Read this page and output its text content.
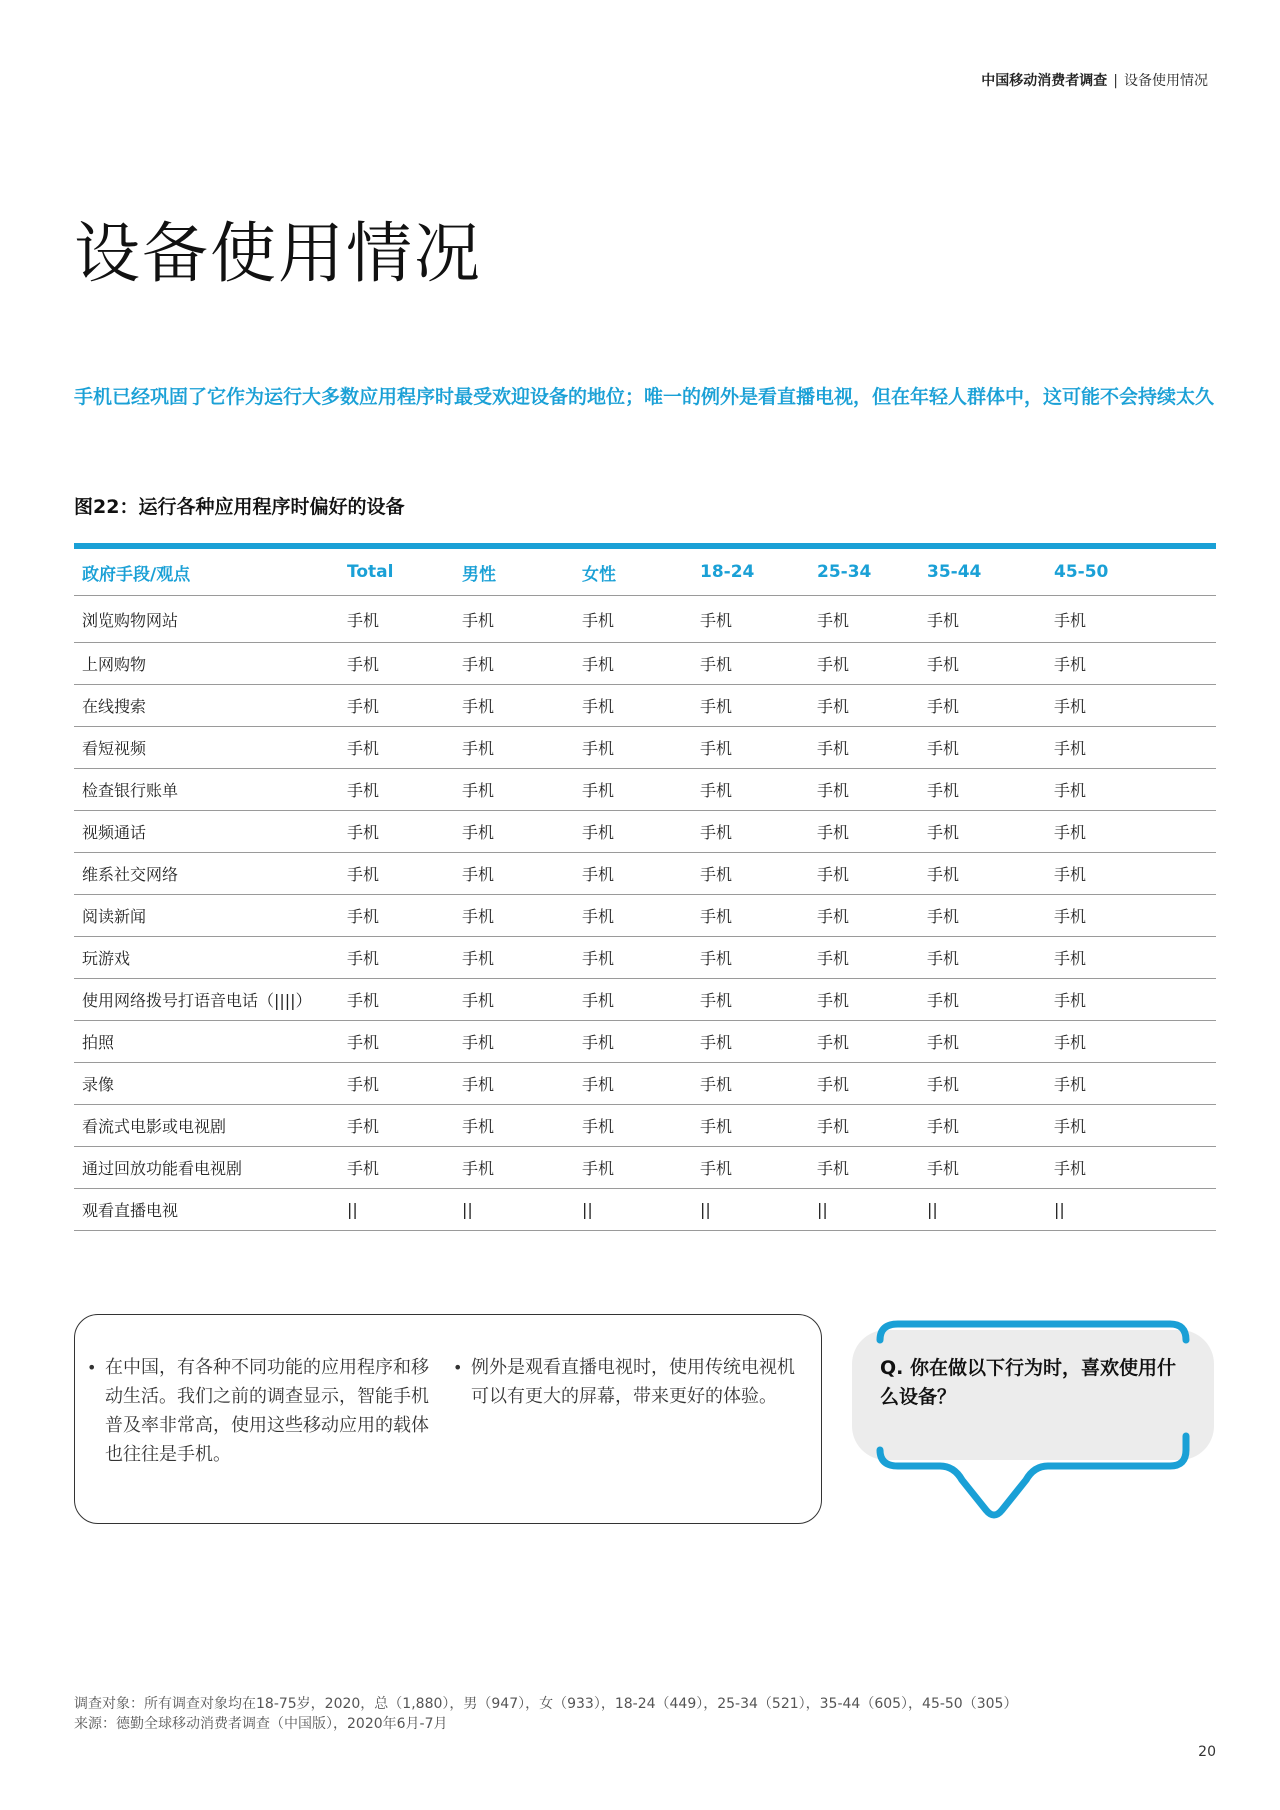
中国移动消费者调查 | 设备使用情况
设备使用情况
手机已经巩固了它作为运行大多数应用程序时最受欢迎设备的地位；唯一的例外是看直播电视，但在年轻人群体中，这可能不会持续太久
图22：运行各种应用程序时偏好的设备
政府手段/观点	Total	男性	女性	18-24	25-34	35-44	45-50
浏览购物网站	手机	手机	手机	手机	手机	手机	手机
上网购物	手机	手机	手机	手机	手机	手机	手机
在线搜索	手机	手机	手机	手机	手机	手机	手机
看短视频	手机	手机	手机	手机	手机	手机	手机
检查银行账单	手机	手机	手机	手机	手机	手机	手机
视频通话	手机	手机	手机	手机	手机	手机	手机
维系社交网络	手机	手机	手机	手机	手机	手机	手机
阅读新闻	手机	手机	手机	手机	手机	手机	手机
玩游戏	手机	手机	手机	手机	手机	手机	手机
使用网络拨号打语音电话（||||）	手机	手机	手机	手机	手机	手机	手机
拍照	手机	手机	手机	手机	手机	手机	手机
录像	手机	手机	手机	手机	手机	手机	手机
看流式电影或电视剧	手机	手机	手机	手机	手机	手机	手机
通过回放功能看电视剧	手机	手机	手机	手机	手机	手机	手机
观看直播电视	||	||	||	||	||	||	||
• 在中国，有各种不同功能的应用程序和移动生活。我们之前的调查显示，智能手机普及率非常高，使用这些移动应用的载体也往往是手机。
• 例外是观看直播电视时，使用传统电视机可以有更大的屏幕，带来更好的体验。
Q. 你在做以下行为时，喜欢使用什么设备？
调查对象：所有调查对象均在18-75岁，2020，总（1,880），男（947），女（933），18-24（449），25-34（521），35-44（605），45-50（305）
来源：德勤全球移动消费者调查（中国版），2020年6月-7月
20
